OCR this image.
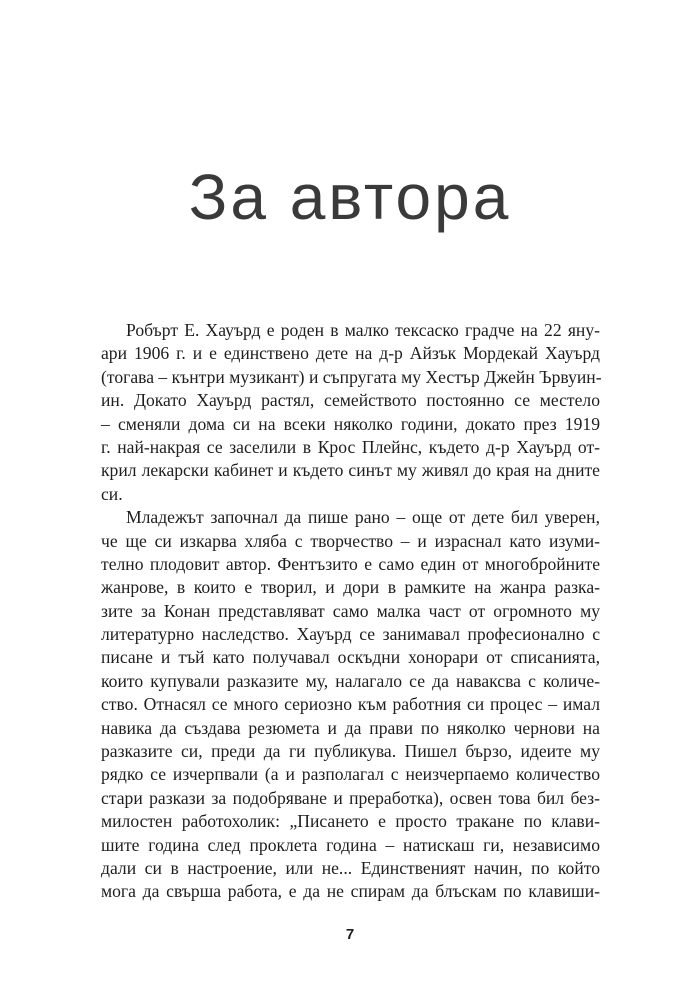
За автора
Робърт Е. Хауърд е роден в малко тексаско градче на 22 яну-
ари 1906 г. и е единствено дете на д-р Айзък Мордекай Хауърд
(тогава – кънтри музикант) и съпругата му Хестър Джейн Ървуин-
ин. Докато Хауърд растял, семейството постоянно се местело
– сменяли дома си на всеки няколко години, докато през 1919
г. най-накрая се заселили в Крос Плейнс, където д-р Хауърд от-
крил лекарски кабинет и където синът му живял до края на дните
си.
Младежът започнал да пише рано – още от дете бил уверен,
че ще си изкарва хляба с творчество – и израснал като изуми-
телно плодовит автор. Фентъзито е само един от многобройните
жанрове, в които е творил, и дори в рамките на жанра разка-
зите за Конан представляват само малка част от огромното му
литературно наследство. Хауърд се занимавал професионално с
писане и тъй като получавал оскъдни хонорари от списанията,
които купували разказите му, налагало се да наваксва с количе-
ство. Отнасял се много сериозно към работния си процес – имал
навика да създава резюмета и да прави по няколко чернови на
разказите си, преди да ги публикува. Пишел бързо, идеите му
рядко се изчерпвали (а и разполагал с неизчерпаемо количество
стари разкази за подобряване и преработка), освен това бил без-
милостен работохолик: „Писането е просто тракане по клави-
шите година след проклета година – натискаш ги, независимо
дали си в настроение, или не... Единственият начин, по който
мога да свърша работа, е да не спирам да блъскам по клавиши-
7
